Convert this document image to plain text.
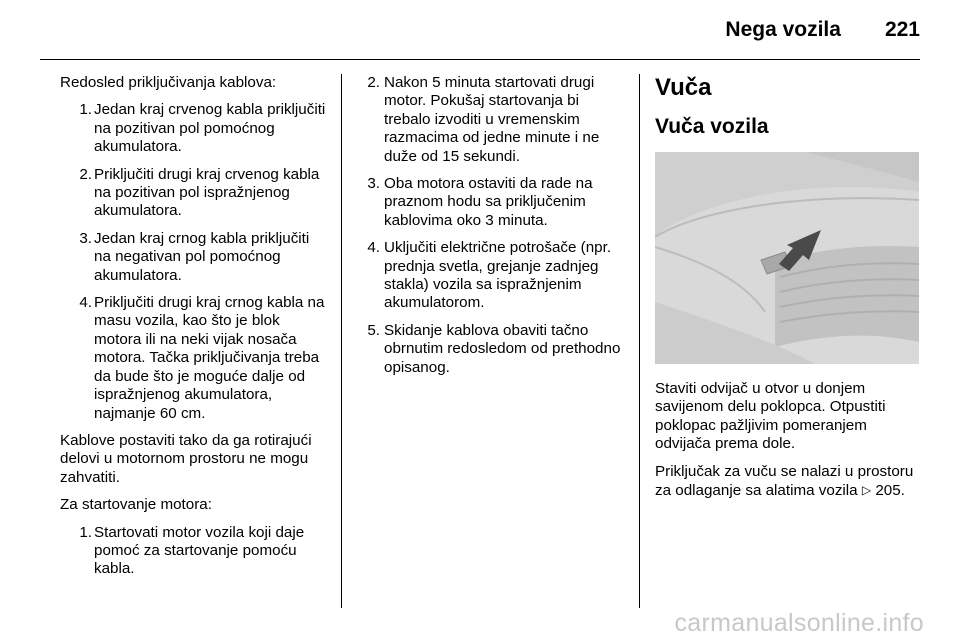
Nega vozila 221

Redosled priključivanja kablova:

1. Jedan kraj crvenog kabla priključiti na pozitivan pol pomoćnog akumulatora.
2. Priključiti drugi kraj crvenog kabla na pozitivan pol ispražnjenog akumulatora.
3. Jedan kraj crnog kabla priključiti na negativan pol pomoćnog akumulatora.
4. Priključiti drugi kraj crnog kabla na masu vozila, kao što je blok motora ili na neki vijak nosača motora. Tačka priključivanja treba da bude što je moguće dalje od ispražnjenog akumulatora, najmanje 60 cm.

Kablove postaviti tako da ga rotirajući delovi u motornom prostoru ne mogu zahvatiti.

Za startovanje motora:

1. Startovati motor vozila koji daje pomoć za startovanje pomoću kabla.
2. Nakon 5 minuta startovati drugi motor. Pokušaj startovanja bi trebalo izvoditi u vremenskim razmacima od jedne minute i ne duže od 15 sekundi.
3. Oba motora ostaviti da rade na praznom hodu sa priključenim kablovima oko 3 minuta.
4. Uključiti električne potrošače (npr. prednja svetla, grejanje zadnjeg stakla) vozila sa ispražnjenim akumulatorom.
5. Skidanje kablova obaviti tačno obrnutim redosledom od prethodno opisanog.
Vuča
Vuča vozila

Staviti odvijač u otvor u donjem savijenom delu poklopca. Otpustiti poklopac pažljivim pomeranjem odvijača prema dole.

Priključak za vuču se nalazi u prostoru za odlaganje sa alatima vozila ▷ 205.

carmanualsonline.info
